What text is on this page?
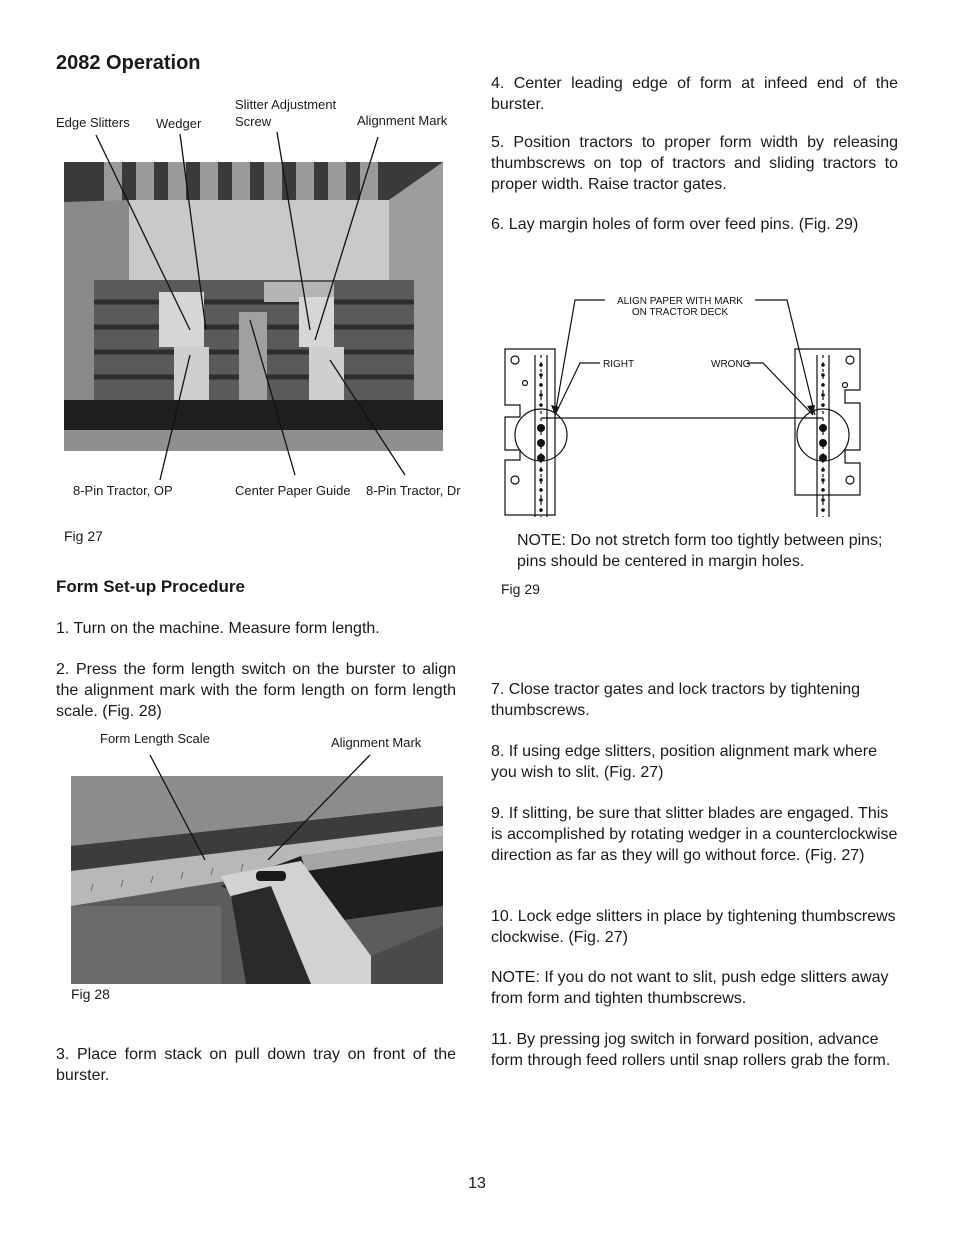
2082 Operation
Edge Slitters Wedger
Slitter Adjustment Screw	Alignment Mark
8-Pin Tractor, OP	Center Paper Guide 8-Pin Tractor, Dr
Fig 27
Form Set-up Procedure
1. Turn on the machine. Measure form length.
2. Press the form length switch on the burster to align the alignment mark with the form length on form length scale. (Fig. 28)
Form Length Scale	Alignment Mark
Fig 28
3. Place form stack on pull down tray on front of the burster.
4. Center leading edge of form at infeed end of the burster.
5. Position tractors to proper form width by releasing thumbscrews on top of tractors and sliding tractors to proper width. Raise tractor gates.
6. Lay margin holes of form over feed pins. (Fig. 29)
ALIGN PAPER WITH MARK
ON TRACTOR DECK
RIGHT	WRONG
NOTE: Do not stretch form too tightly between pins; pins should be centered in margin holes.
Fig 29
7. Close tractor gates and lock tractors by tightening thumbscrews.
8. If using edge slitters, position alignment mark where you wish to slit. (Fig. 27)
9. If slitting, be sure that slitter blades are engaged. This is accomplished by rotating wedger in a counterclockwise direction as far as they will go without force. (Fig. 27)
10. Lock edge slitters in place by tightening thumbscrews clockwise. (Fig. 27)
NOTE: If you do not want to slit, push edge slitters away from form and tighten thumbscrews.
11. By pressing jog switch in forward position, advance form through feed rollers until snap rollers grab the form.
13
